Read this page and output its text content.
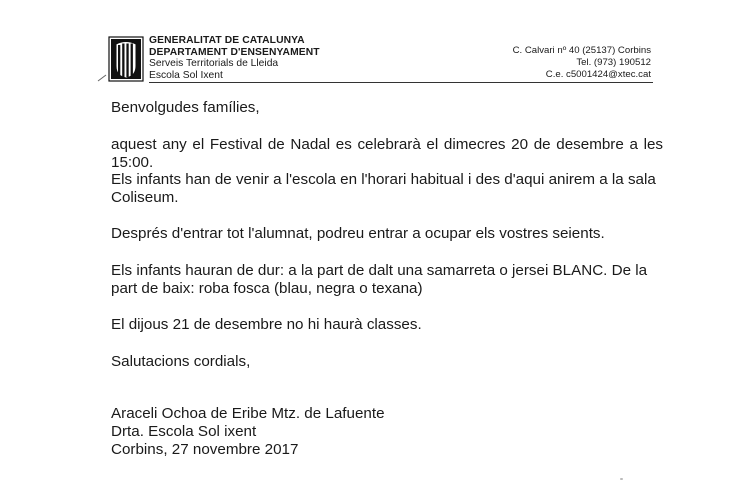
GENERALITAT DE CATALUNYA
DEPARTAMENT D'ENSENYAMENT
Serveis Territorials de Lleida
Escola Sol Ixent
C. Calvari nº 40 (25137) Corbins
Tel. (973) 190512
C.e. c5001424@xtec.cat

Benvolgudes famílies,

aquest any el Festival de Nadal es celebrarà el dimecres 20 de desembre a les 15:00.

Els infants han de venir a l'escola en l'horari habitual i des d'aqui anirem a la sala Coliseum.

Després d'entrar tot l'alumnat, podreu entrar a ocupar els vostres seients.

Els infants hauran de dur: a la part de dalt una samarreta o jersei BLANC. De la part de baix: roba fosca (blau, negra o texana)

El dijous 21 de desembre no hi haurà classes.

Salutacions cordials,

Araceli Ochoa de Eribe Mtz. de Lafuente
Drta. Escola Sol ixent
Corbins, 27 novembre 2017
